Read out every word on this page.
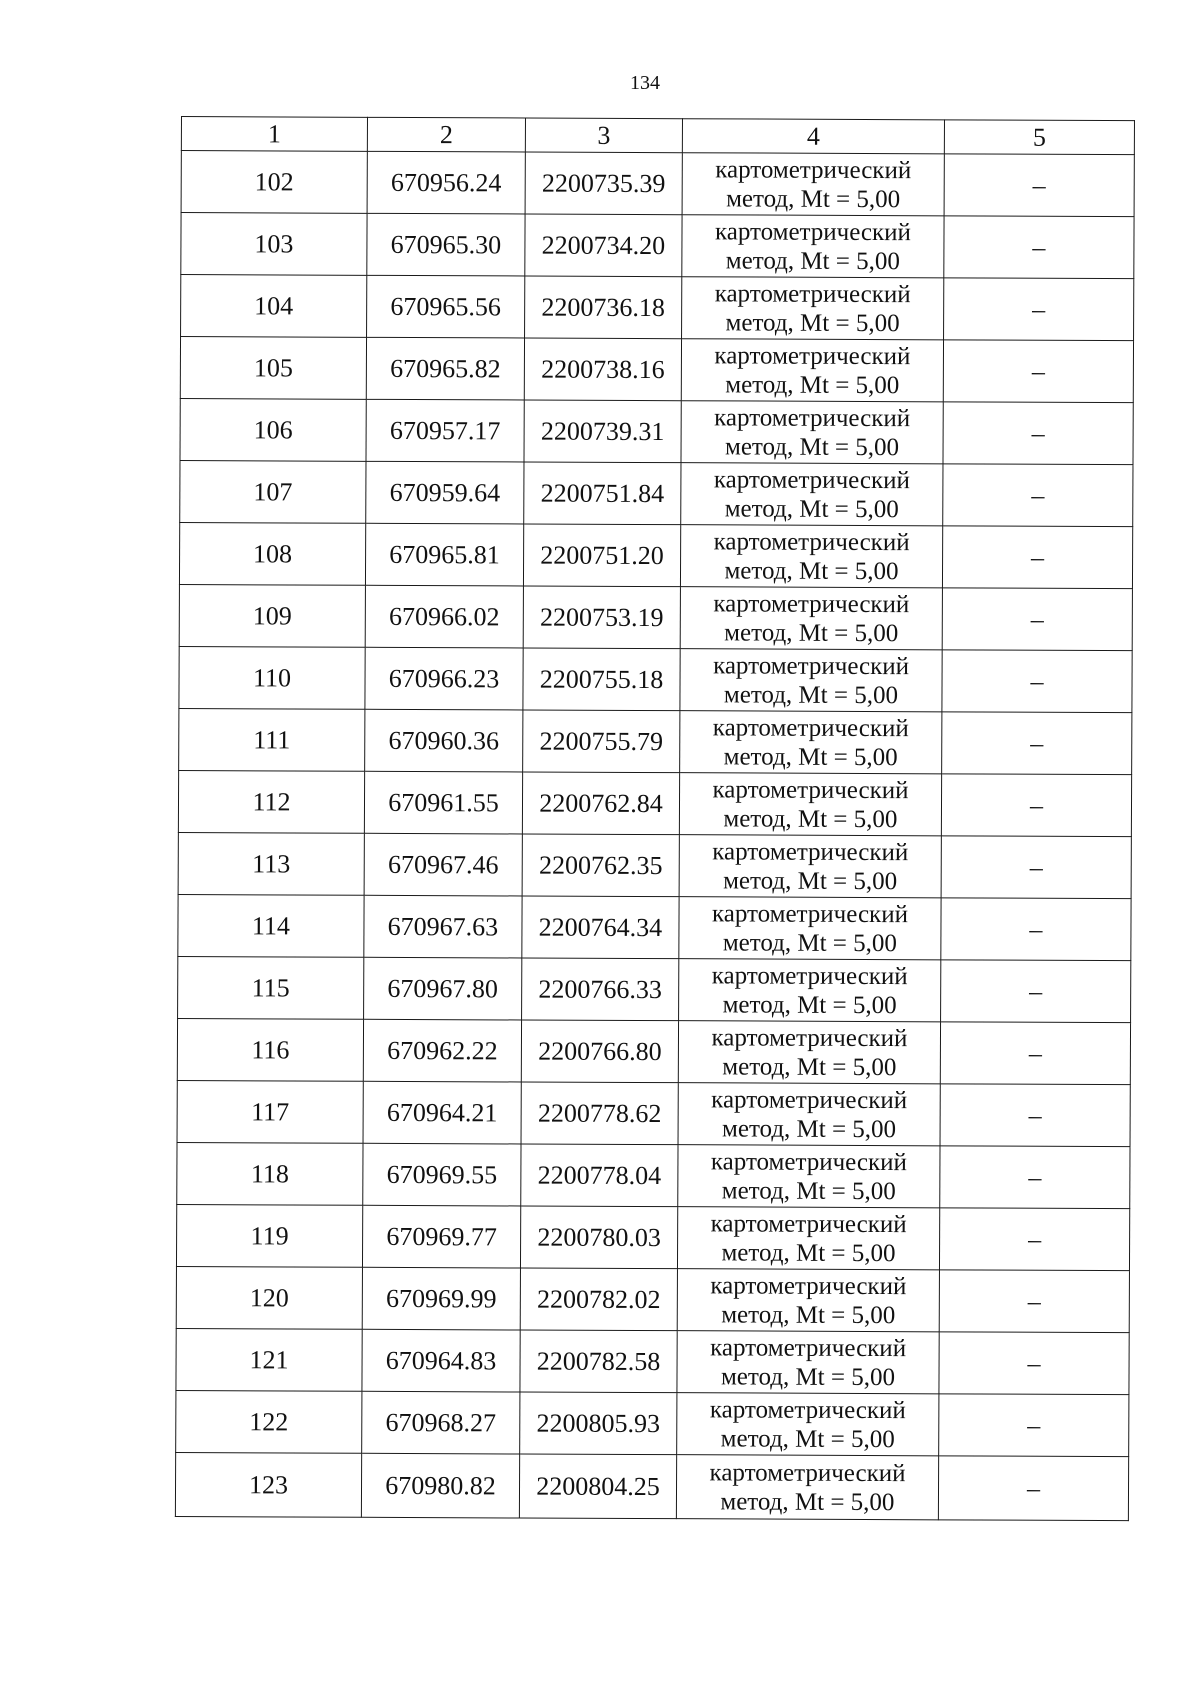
134
1	2	3	4	5
102	670956.24	2200735.39	картометрический
метод, Mt = 5,00	–
103	670965.30	2200734.20	картометрический
метод, Mt = 5,00	–
104	670965.56	2200736.18	картометрический
метод, Mt = 5,00	–
105	670965.82	2200738.16	картометрический
метод, Mt = 5,00	–
106	670957.17	2200739.31	картометрический
метод, Mt = 5,00	–
107	670959.64	2200751.84	картометрический
метод, Mt = 5,00	–
108	670965.81	2200751.20	картометрический
метод, Mt = 5,00	–
109	670966.02	2200753.19	картометрический
метод, Mt = 5,00	–
110	670966.23	2200755.18	картометрический
метод, Mt = 5,00	–
111	670960.36	2200755.79	картометрический
метод, Mt = 5,00	–
112	670961.55	2200762.84	картометрический
метод, Mt = 5,00	–
113	670967.46	2200762.35	картометрический
метод, Mt = 5,00	–
114	670967.63	2200764.34	картометрический
метод, Mt = 5,00	–
115	670967.80	2200766.33	картометрический
метод, Mt = 5,00	–
116	670962.22	2200766.80	картометрический
метод, Mt = 5,00	–
117	670964.21	2200778.62	картометрический
метод, Mt = 5,00	–
118	670969.55	2200778.04	картометрический
метод, Mt = 5,00	–
119	670969.77	2200780.03	картометрический
метод, Mt = 5,00	–
120	670969.99	2200782.02	картометрический
метод, Mt = 5,00	–
121	670964.83	2200782.58	картометрический
метод, Mt = 5,00	–
122	670968.27	2200805.93	картометрический
метод, Mt = 5,00	–
123	670980.82	2200804.25	картометрический
метод, Mt = 5,00	–
